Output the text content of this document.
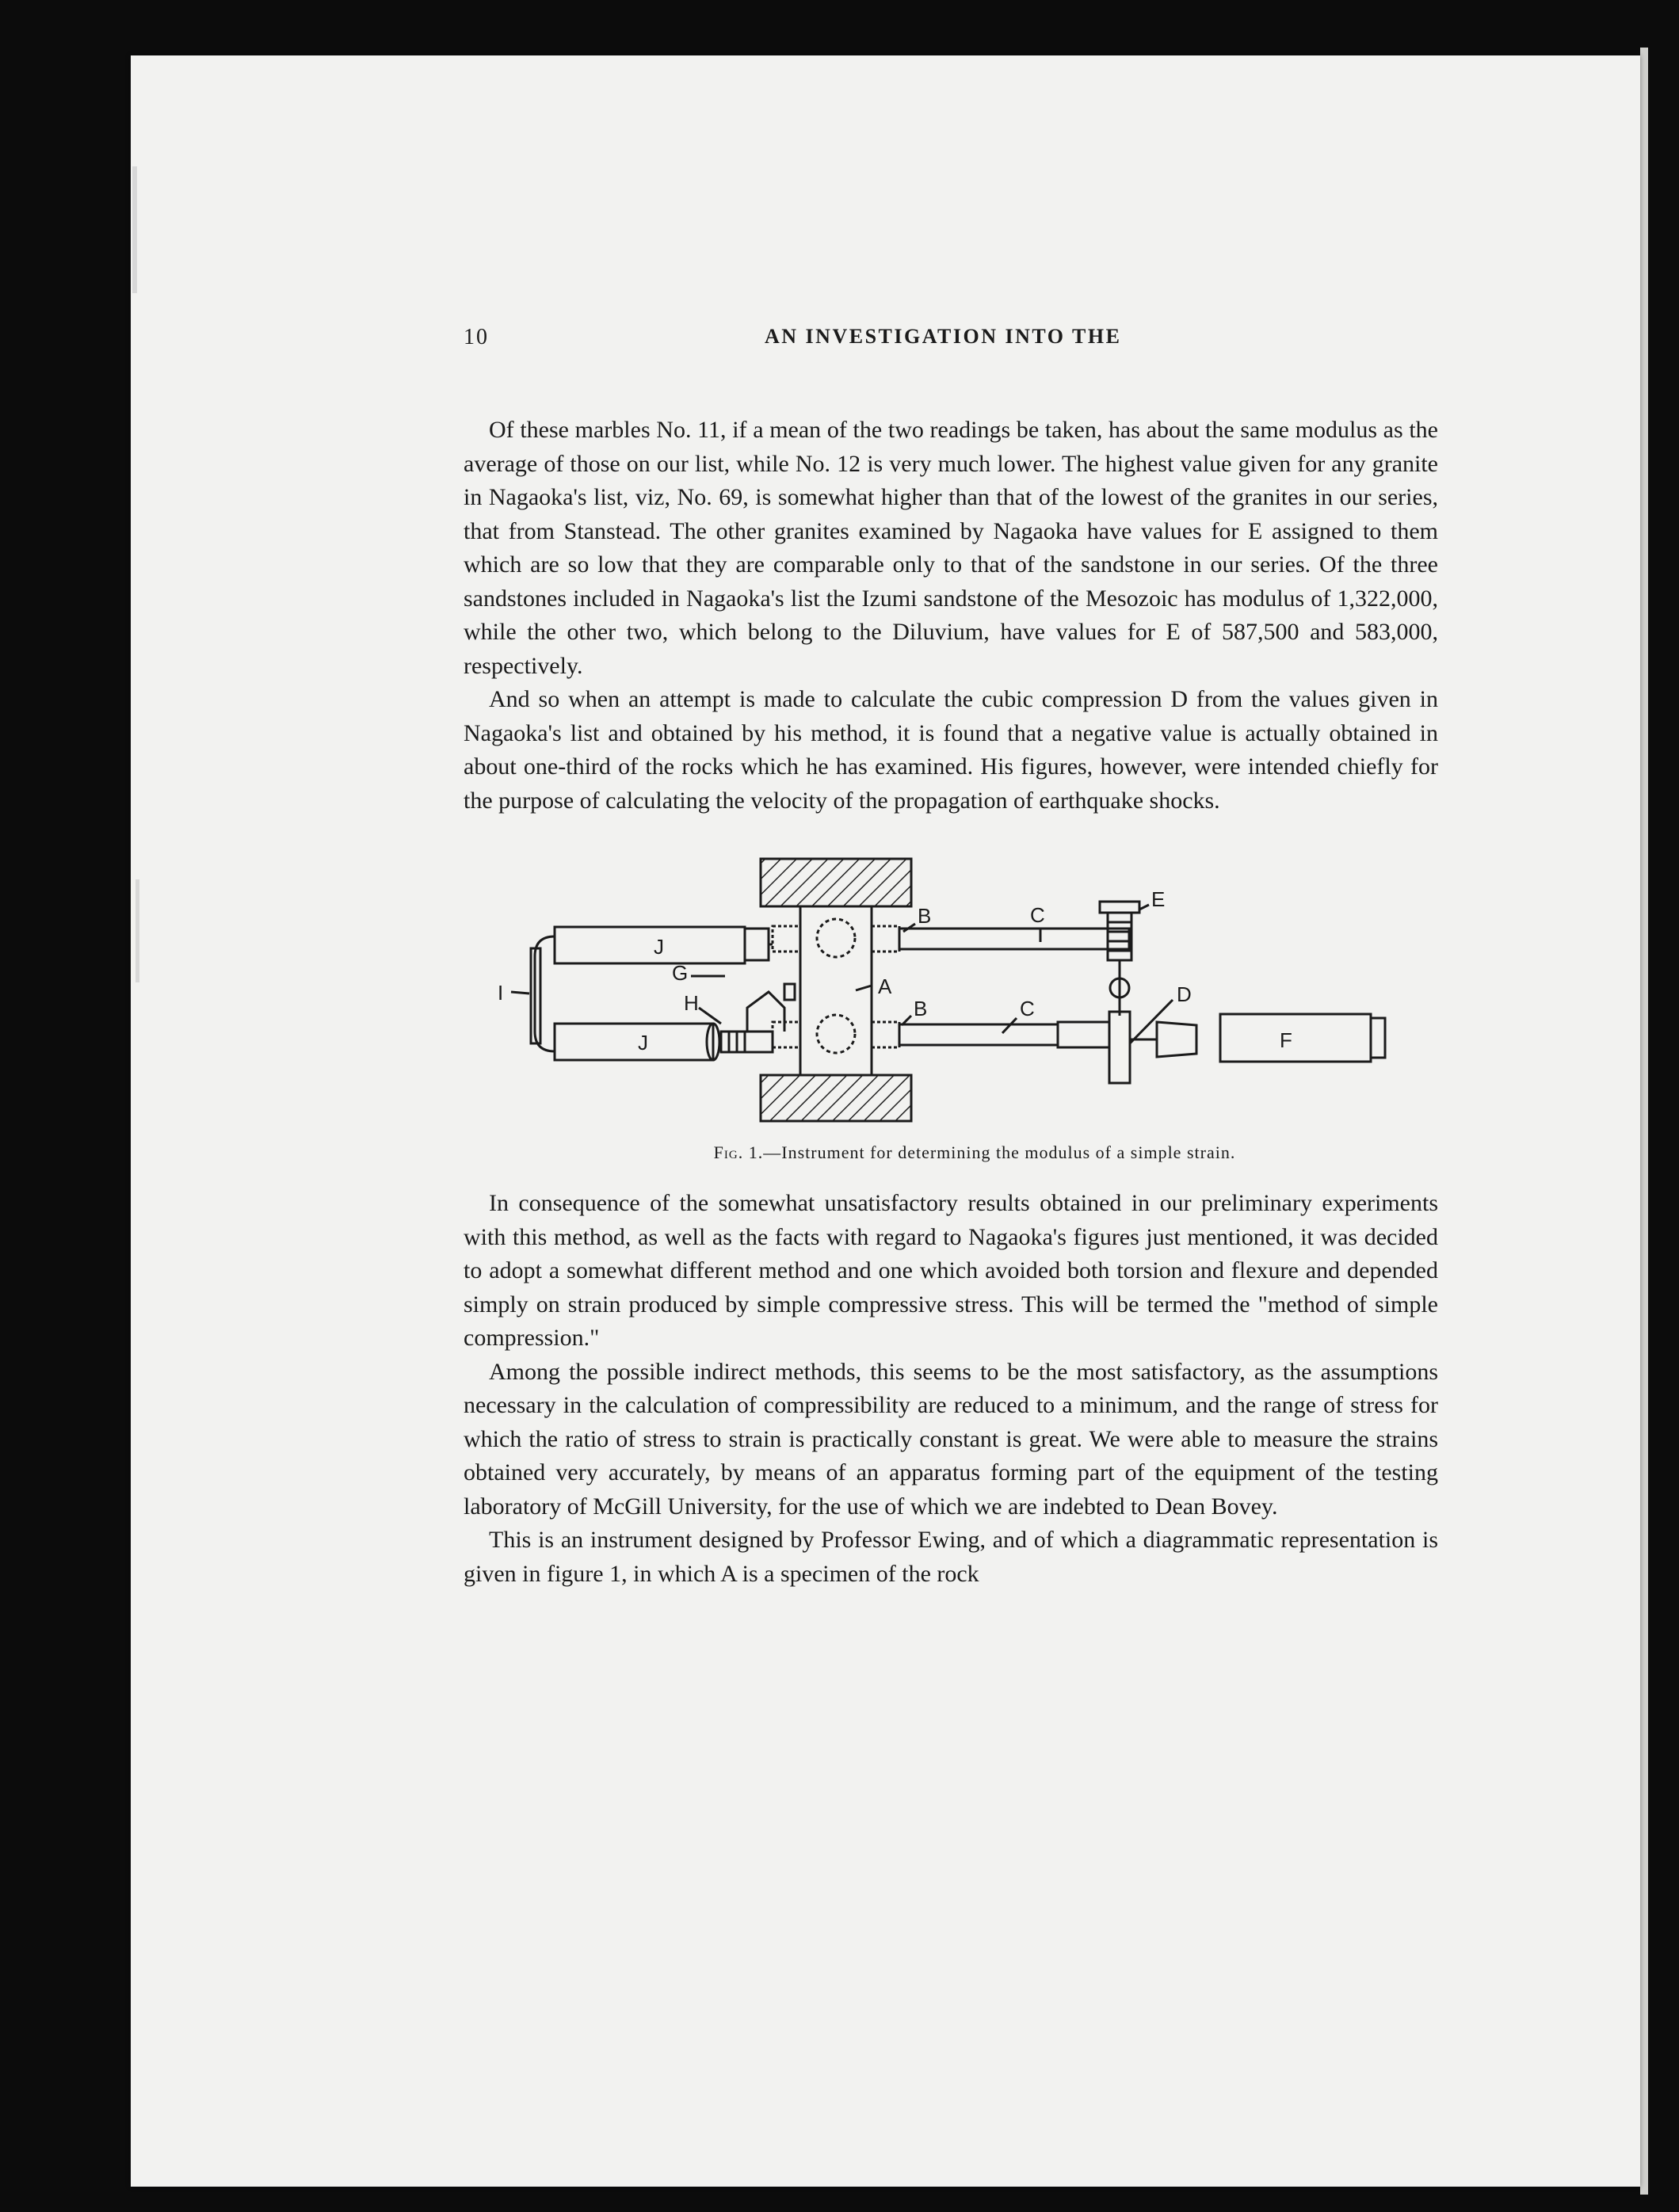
10	AN INVESTIGATION INTO THE

Of these marbles No. 11, if a mean of the two readings be taken, has about the same modulus as the average of those on our list, while No. 12 is very much lower. The highest value given for any granite in Nagaoka's list, viz, No. 69, is somewhat higher than that of the lowest of the granites in our series, that from Stanstead. The other granites examined by Nagaoka have values for E assigned to them which are so low that they are comparable only to that of the sandstone in our series. Of the three sandstones included in Nagaoka's list the Izumi sandstone of the Mesozoic has modulus of 1,322,000, while the other two, which belong to the Diluvium, have values for E of 587,500 and 583,000, respectively.

And so when an attempt is made to calculate the cubic compression D from the values given in Nagaoka's list and obtained by his method, it is found that a negative value is actually obtained in about one-third of the rocks which he has examined. His figures, however, were intended chiefly for the purpose of calculating the velocity of the propagation of earthquake shocks.

I
J
J
G
H
A
B
B
C
C
E
D
F
Fig. 1.—Instrument for determining the modulus of a simple strain.

In consequence of the somewhat unsatisfactory results obtained in our preliminary experiments with this method, as well as the facts with regard to Nagaoka's figures just mentioned, it was decided to adopt a somewhat different method and one which avoided both torsion and flexure and depended simply on strain produced by simple compressive stress. This will be termed the "method of simple compression."

Among the possible indirect methods, this seems to be the most satisfactory, as the assumptions necessary in the calculation of compressibility are reduced to a minimum, and the range of stress for which the ratio of stress to strain is practically constant is great. We were able to measure the strains obtained very accurately, by means of an apparatus forming part of the equipment of the testing laboratory of McGill University, for the use of which we are indebted to Dean Bovey.

This is an instrument designed by Professor Ewing, and of which a diagrammatic representation is given in figure 1, in which A is a specimen of the rock
